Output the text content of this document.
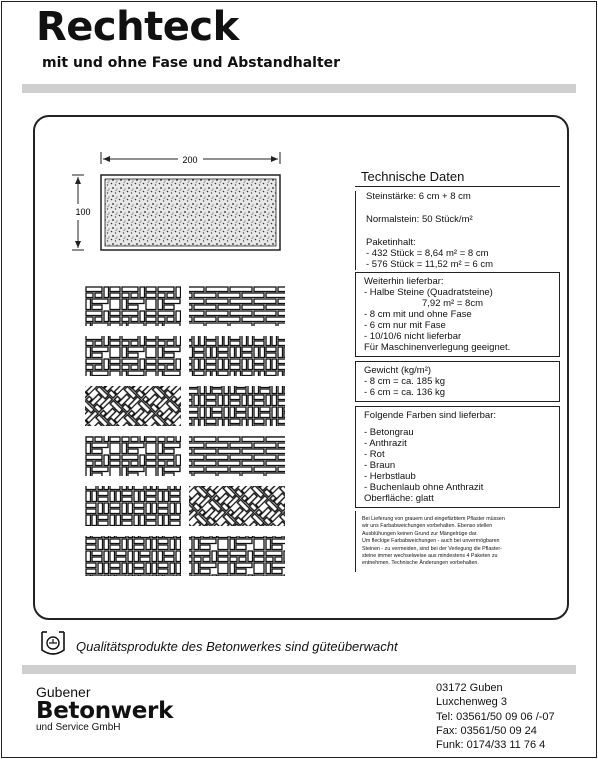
Rechteck
mit und ohne Fase und Abstandhalter
200
100
Technische Daten
Steinstärke: 6 cm + 8 cm
Normalstein: 50 Stück/m²
Paketinhalt:
- 432 Stück = 8,64 m² = 8 cm
- 576 Stück = 11,52 m² = 6 cm
Weiterhin lieferbar:
- Halbe Steine (Quadratsteine)
7,92 m² = 8cm
- 8 cm mit und ohne Fase
- 6 cm nur mit Fase
- 10/10/6 nicht lieferbar
Für Maschinenverlegung geeignet.
Gewicht (kg/m²)
- 8 cm = ca. 185 kg
- 6 cm = ca. 136 kg
Folgende Farben sind lieferbar:
- Betongrau
- Anthrazit
- Rot
- Braun
- Herbstlaub
- Buchenlaub ohne Anthrazit
Oberfläche: glatt
Bei Lieferung von grauem und eingefärbtem Pflaster müssen
wir uns Farbabweichungen vorbehalten. Ebenso stellen
Ausblühungen keinen Grund zur Mängelrüge dar.
Um fleckige Farbabweichungen - auch bei unvermögbaren
Steinen - zu vermeiden, sind bei der Verlegung die Pflaster-
steine immer wechselweise aus mindestens 4 Paketen zu
entnehmen. Technische Änderungen vorbehalten.
Qualitätsprodukte des Betonwerkes sind güteüberwacht
Gubener
Betonwerk
und Service GmbH
03172 Guben
Luxchenweg 3
Tel: 03561/50 09 06 /-07
Fax: 03561/50 09 24
Funk: 0174/33 11 76 4
